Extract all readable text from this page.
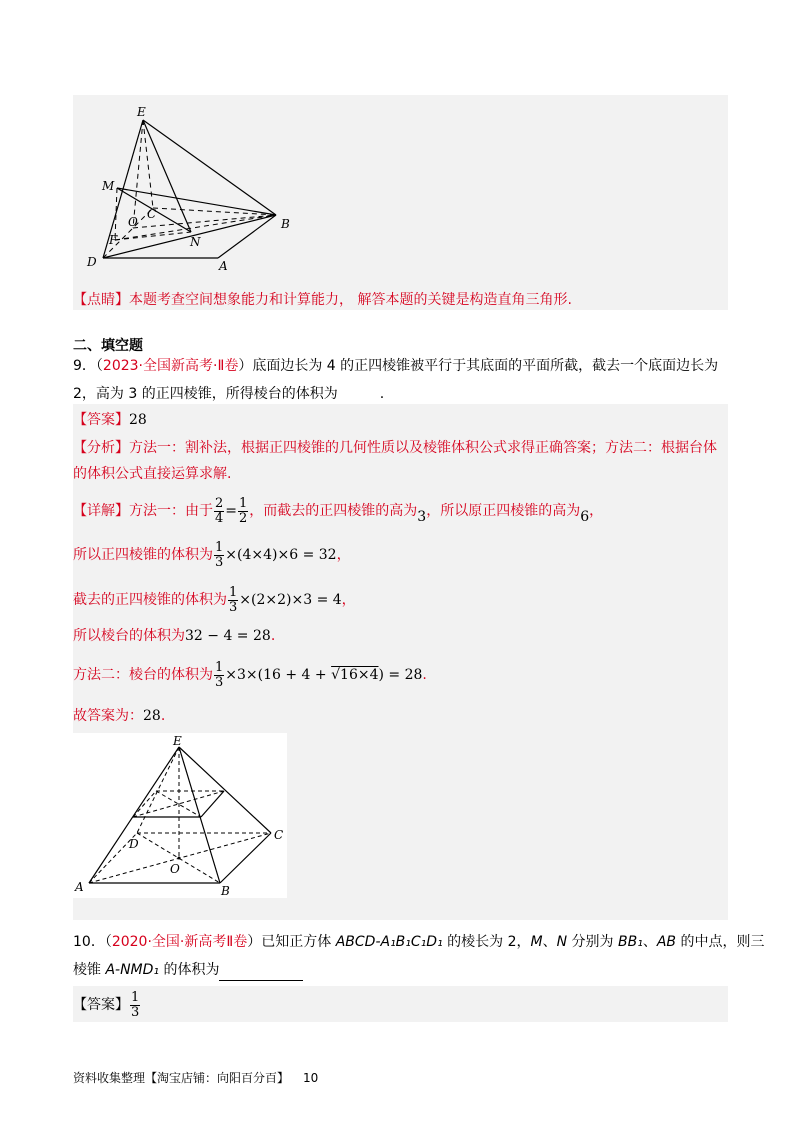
E
M
O
C
F	N
B
D	A
【点睛】本题考查空间想象能力和计算能力， 解答本题的关键是构造直角三角形.
二、填空题
9．（2023·全国新高考·Ⅱ卷）底面边长为 4 的正四棱锥被平行于其底面的平面所截，截去一个底面边长为
2，高为 3 的正四棱锥，所得棱台的体积为	.
【答案】28
【分析】方法一：割补法，根据正四棱锥的几何性质以及棱锥体积公式求得正确答案；方法二：根据台体
的体积公式直接运算求解.
【详解】方法一：由于 $\frac{2}{4} = \frac{1}{2}$ ，而截去的正四棱锥的高为3，所以原正四棱锥的高为6，
所以正四棱锥的体积为 $\frac{1}{3} \times(4\times 4)\times 6 = 32$，
截去的正四棱锥的体积为 $\frac{1}{3} \times(2\times 2)\times 3 = 4$，
所以棱台的体积为32 − 4 = 28.
方法二：棱台的体积为 $\frac{1}{3} \times 3\times(16 + 4 + √16\times 4) = 28$.
故答案为：28.
E
D
C
O
A	B
10．（2020·全国·新高考Ⅱ卷）已知正方体 ABCD-A₁B₁C₁D₁ 的棱长为 2，M、N 分别为 BB₁、AB 的中点，则三
棱锥 A-NMD₁ 的体积为
【答案】 $\frac{1}{3}$
资料收集整理【淘宝店铺：向阳百分百】 10
